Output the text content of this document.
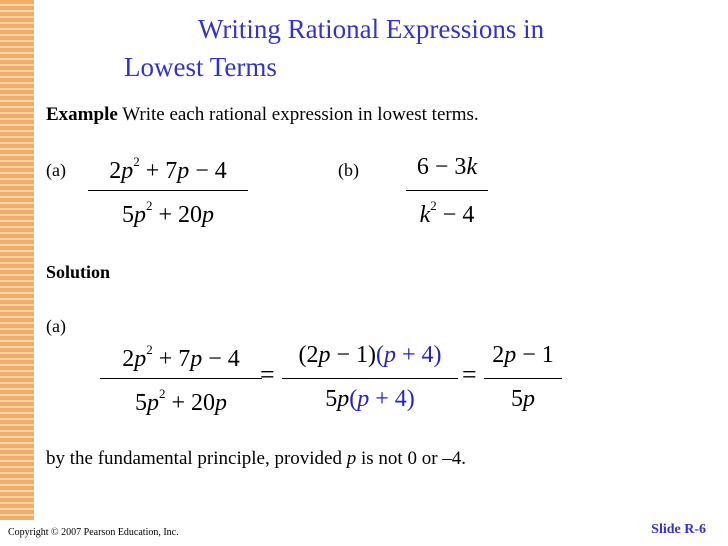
Writing Rational Expressions in
Lowest Terms
Example Write each rational expression in lowest terms.
(a)	(b)
$2p^2 + 7p - 4$
$5p^2 + 20p$
6 − 3k
$k^2 - 4$
Solution
(a)
$2p^2 + 7p - 4$
$5p^2 + 20p$
=
(2p − 1)(p + 4)
5p(p + 4)
=
2p − 1
5p
by the fundamental principle, provided p is not 0 or –4.
Copyright © 2007 Pearson Education, Inc.	Slide R-6
